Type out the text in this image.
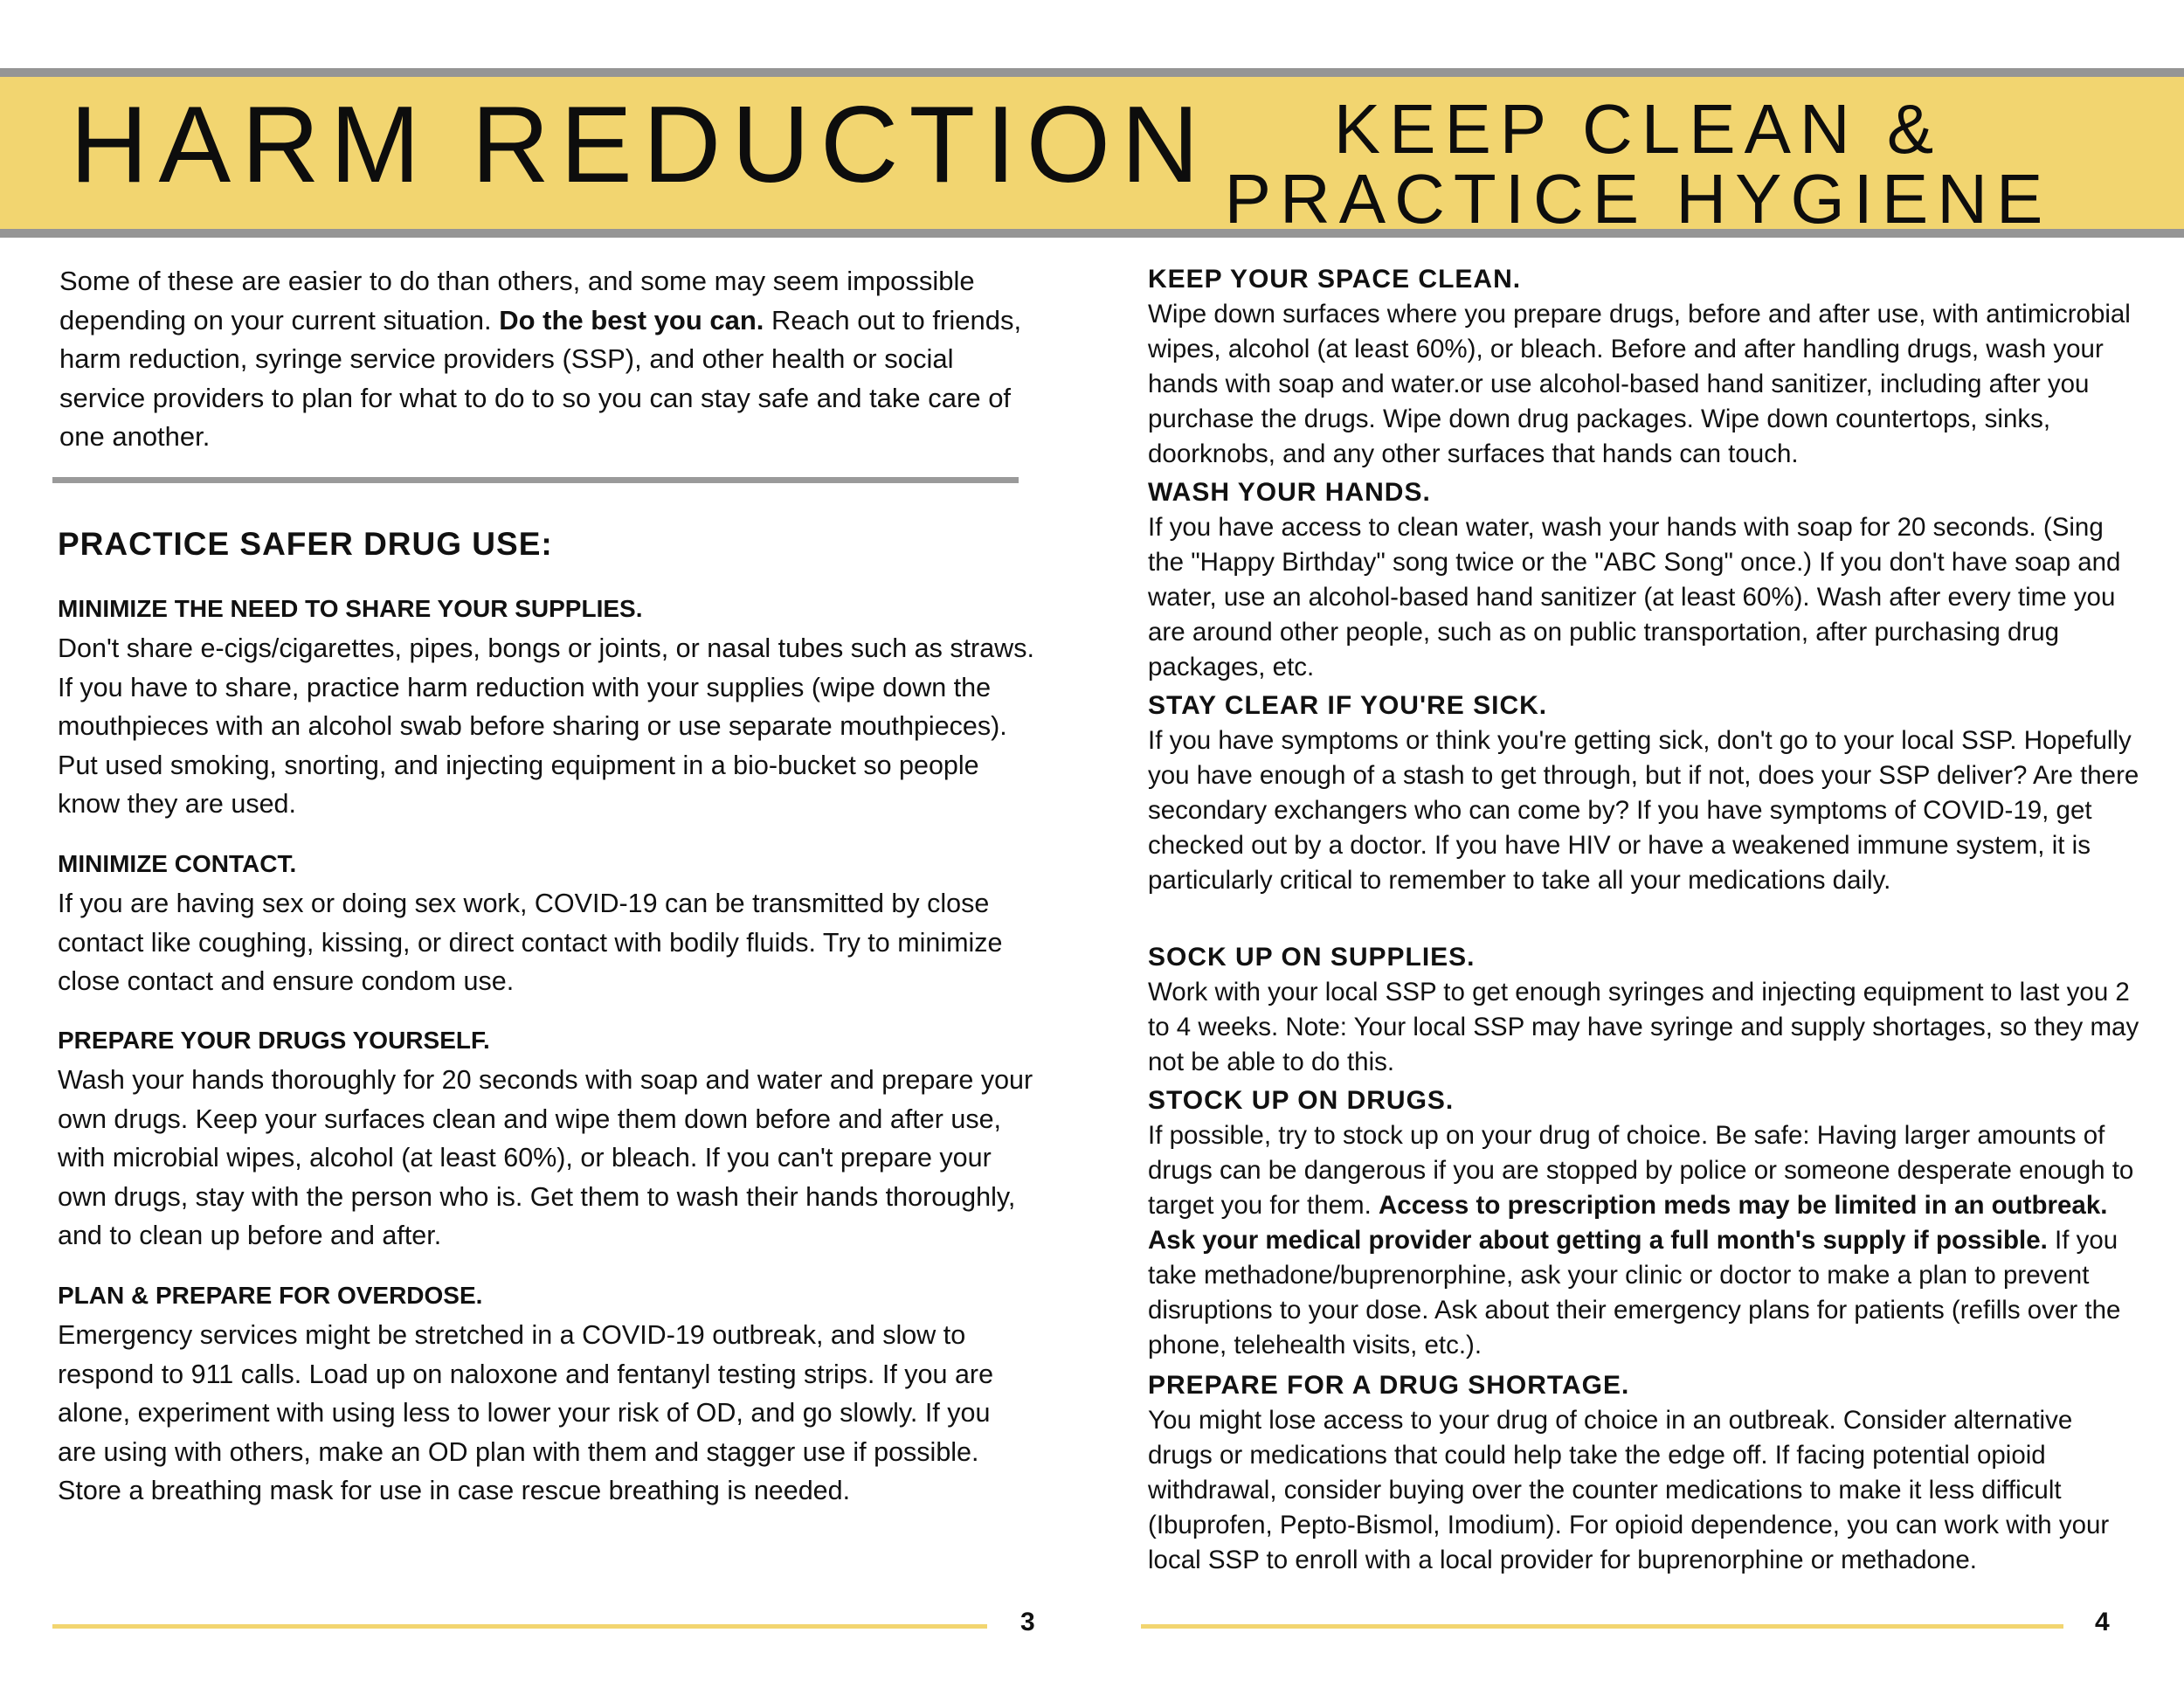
HARM REDUCTION	KEEP CLEAN &
PRACTICE HYGIENE

Some of these are easier to do than others, and some may seem impossible depending on your current situation. Do the best you can. Reach out to friends, harm reduction, syringe service providers (SSP), and other health or social service providers to plan for what to do to so you can stay safe and take care of one another.

PRACTICE SAFER DRUG USE:
MINIMIZE THE NEED TO SHARE YOUR SUPPLIES.

Don't share e-cigs/cigarettes, pipes, bongs or joints, or nasal tubes such as straws. If you have to share, practice harm reduction with your supplies (wipe down the mouthpieces with an alcohol swab before sharing or use separate mouthpieces). Put used smoking, snorting, and injecting equipment in a bio-bucket so people know they are used.

MINIMIZE CONTACT.

If you are having sex or doing sex work, COVID-19 can be transmitted by close contact like coughing, kissing, or direct contact with bodily fluids. Try to minimize close contact and ensure condom use.

PREPARE YOUR DRUGS YOURSELF.

Wash your hands thoroughly for 20 seconds with soap and water and prepare your own drugs. Keep your surfaces clean and wipe them down before and after use, with microbial wipes, alcohol (at least 60%), or bleach. If you can't prepare your own drugs, stay with the person who is. Get them to wash their hands thoroughly, and to clean up before and after.

PLAN & PREPARE FOR OVERDOSE.

Emergency services might be stretched in a COVID-19 outbreak, and slow to respond to 911 calls. Load up on naloxone and fentanyl testing strips. If you are alone, experiment with using less to lower your risk of OD, and go slowly. If you are using with others, make an OD plan with them and stagger use if possible. Store a breathing mask for use in case rescue breathing is needed.

3

KEEP YOUR SPACE CLEAN.

Wipe down surfaces where you prepare drugs, before and after use, with antimicrobial wipes, alcohol (at least 60%), or bleach. Before and after handling drugs, wash your hands with soap and water.or use alcohol-based hand sanitizer, including after you purchase the drugs. Wipe down drug packages. Wipe down countertops, sinks, doorknobs, and any other surfaces that hands can touch.

WASH YOUR HANDS.

If you have access to clean water, wash your hands with soap for 20 seconds. (Sing the "Happy Birthday" song twice or the "ABC Song" once.) If you don't have soap and water, use an alcohol-based hand sanitizer (at least 60%). Wash after every time you are around other people, such as on public transportation, after purchasing drug packages, etc.

STAY CLEAR IF YOU'RE SICK.

If you have symptoms or think you're getting sick, don't go to your local SSP. Hopefully you have enough of a stash to get through, but if not, does your SSP deliver? Are there secondary exchangers who can come by? If you have symptoms of COVID-19, get checked out by a doctor. If you have HIV or have a weakened immune system, it is particularly critical to remember to take all your medications daily.

SOCK UP ON SUPPLIES.

Work with your local SSP to get enough syringes and injecting equipment to last you 2 to 4 weeks. Note: Your local SSP may have syringe and supply shortages, so they may not be able to do this.

STOCK UP ON DRUGS.

If possible, try to stock up on your drug of choice. Be safe: Having larger amounts of drugs can be dangerous if you are stopped by police or someone desperate enough to target you for them. Access to prescription meds may be limited in an outbreak. Ask your medical provider about getting a full month's supply if possible. If you take methadone/buprenorphine, ask your clinic or doctor to make a plan to prevent disruptions to your dose. Ask about their emergency plans for patients (refills over the phone, telehealth visits, etc.).

PREPARE FOR A DRUG SHORTAGE.

You might lose access to your drug of choice in an outbreak. Consider alternative drugs or medications that could help take the edge off. If facing potential opioid withdrawal, consider buying over the counter medications to make it less difficult (Ibuprofen, Pepto-Bismol, Imodium). For opioid dependence, you can work with your local SSP to enroll with a local provider for buprenorphine or methadone.

4
